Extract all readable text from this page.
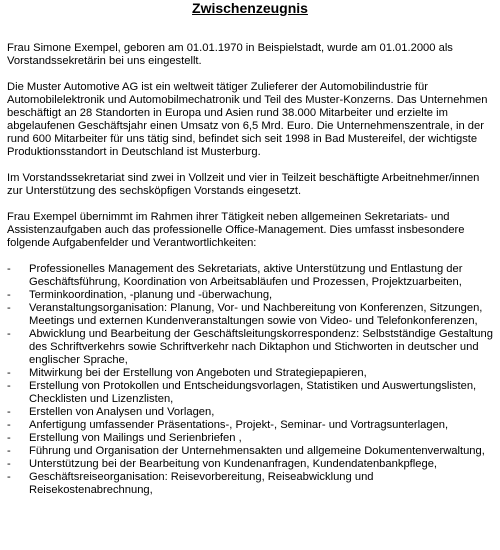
Zwischenzeugnis

Frau Simone Exempel, geboren am 01.01.1970 in Beispielstadt, wurde am 01.01.2000 als Vorstandssekretärin bei uns eingestellt.

Die Muster Automotive AG ist ein weltweit tätiger Zulieferer der Automobilindustrie für Automobilelektronik und Automobilmechatronik und Teil des Muster-Konzerns. Das Unternehmen beschäftigt an 28 Standorten in Europa und Asien rund 38.000 Mitarbeiter und erzielte im abgelaufenen Geschäftsjahr einen Umsatz von 6,5 Mrd. Euro. Die Unternehmenszentrale, in der rund 600 Mitarbeiter für uns tätig sind, befindet sich seit 1998 in Bad Mustereifel, der wichtigste Produktionsstandort in Deutschland ist Musterburg.

Im Vorstandssekretariat sind zwei in Vollzeit und vier in Teilzeit beschäftigte Arbeitnehmer/innen zur Unterstützung des sechsköpfigen Vorstands eingesetzt.

Frau Exempel übernimmt im Rahmen ihrer Tätigkeit neben allgemeinen Sekretariats- und Assistenzaufgaben auch das professionelle Office-Management. Dies umfasst insbesondere folgende Aufgabenfelder und Verantwortlichkeiten:

- Professionelles Management des Sekretariats, aktive Unterstützung und Entlastung der Geschäftsführung, Koordination von Arbeitsabläufen und Prozessen, Projektzuarbeiten,
- Terminkoordination, -planung und -überwachung,
- Veranstaltungsorganisation: Planung, Vor- und Nachbereitung von Konferenzen, Sitzungen, Meetings und externen Kundenveranstaltungen sowie von Video- und Telefonkonferenzen,
- Abwicklung und Bearbeitung der Geschäftsleitungskorrespondenz: Selbstständige Gestaltung des Schriftverkehrs sowie Schriftverkehr nach Diktaphon und Stichworten in deutscher und englischer Sprache,
- Mitwirkung bei der Erstellung von Angeboten und Strategiepapieren,
- Erstellung von Protokollen und Entscheidungsvorlagen, Statistiken und Auswertungslisten, Checklisten und Lizenzlisten,
- Erstellen von Analysen und Vorlagen,
- Anfertigung umfassender Präsentations-, Projekt-, Seminar- und Vortragsunterlagen,
- Erstellung von Mailings und Serienbriefen ,
- Führung und Organisation der Unternehmensakten und allgemeine Dokumentenverwaltung,
- Unterstützung bei der Bearbeitung von Kundenanfragen, Kundendatenbankpflege,
- Geschäftsreiseorganisation: Reisevorbereitung, Reiseabwicklung und Reisekostenabrechnung,
